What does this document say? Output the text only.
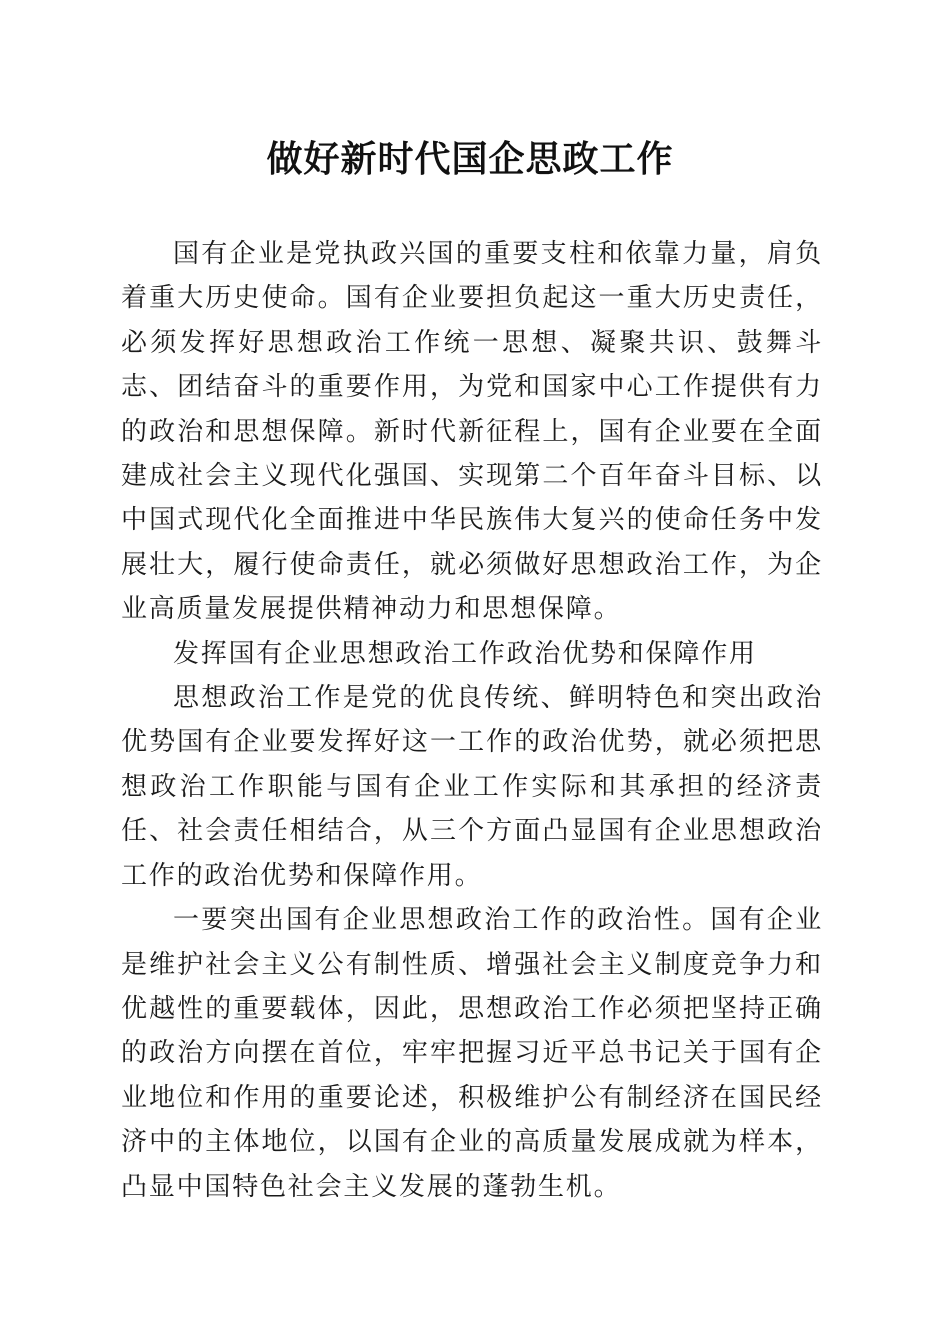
做好新时代国企思政工作

国有企业是党执政兴国的重要支柱和依靠力量，肩负着重大历史使命。国有企业要担负起这一重大历史责任，必须发挥好思想政治工作统一思想、凝聚共识、鼓舞斗志、团结奋斗的重要作用，为党和国家中心工作提供有力的政治和思想保障。新时代新征程上，国有企业要在全面建成社会主义现代化强国、实现第二个百年奋斗目标、以中国式现代化全面推进中华民族伟大复兴的使命任务中发展壮大，履行使命责任，就必须做好思想政治工作，为企业高质量发展提供精神动力和思想保障。

发挥国有企业思想政治工作政治优势和保障作用

思想政治工作是党的优良传统、鲜明特色和突出政治优势国有企业要发挥好这一工作的政治优势，就必须把思想政治工作职能与国有企业工作实际和其承担的经济责任、社会责任相结合，从三个方面凸显国有企业思想政治工作的政治优势和保障作用。

一要突出国有企业思想政治工作的政治性。国有企业是维护社会主义公有制性质、增强社会主义制度竞争力和优越性的重要载体，因此，思想政治工作必须把坚持正确的政治方向摆在首位，牢牢把握习近平总书记关于国有企业地位和作用的重要论述，积极维护公有制经济在国民经济中的主体地位，以国有企业的高质量发展成就为样本，凸显中国特色社会主义发展的蓬勃生机。
